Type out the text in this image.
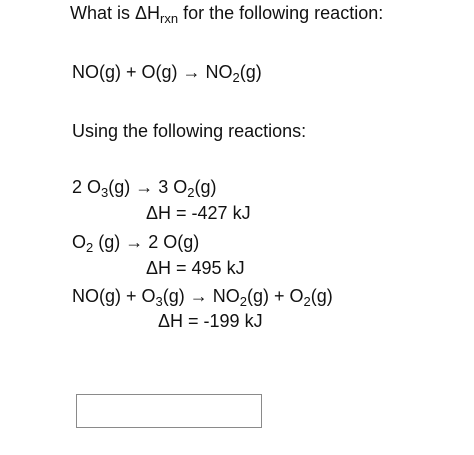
What is $\Delta H_{rxn}$ for the following reaction:
$NO(g) + O(g) \to NO_2(g)$
Using the following reactions:
2 $O_3(g) \to 3$ $O_2(g)$
ΔH = -427 kJ
$O_2$ (g) → 2 O(g)
ΔH = 495 kJ
$NO(g) + O_3(g) \to NO_2(g) + O_2(g)$
ΔH = -199 kJ
